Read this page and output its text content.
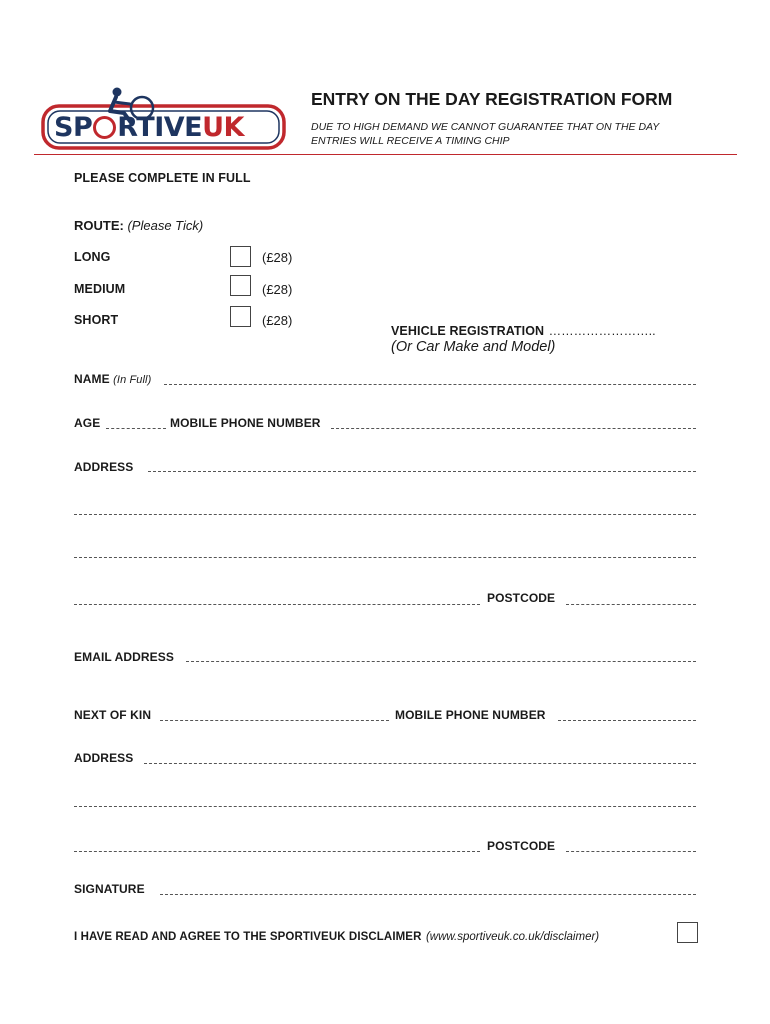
SP RTIVEUK
ENTRY ON THE DAY REGISTRATION FORM
DUE TO HIGH DEMAND WE CANNOT GUARANTEE THAT ON THE DAY
ENTRIES WILL RECEIVE A TIMING CHIP
PLEASE COMPLETE IN FULL
ROUTE: (Please Tick)
LONG	(£28)
MEDIUM	(£28)
SHORT	(£28)
VEHICLE REGISTRATION ……………………..
(Or Car Make and Model)
NAME (In Full)
AGE	MOBILE PHONE NUMBER
ADDRESS
POSTCODE
EMAIL ADDRESS
NEXT OF KIN	MOBILE PHONE NUMBER
ADDRESS
POSTCODE
SIGNATURE
I HAVE READ AND AGREE TO THE SPORTIVEUK DISCLAIMER (www.sportiveuk.co.uk/disclaimer)
